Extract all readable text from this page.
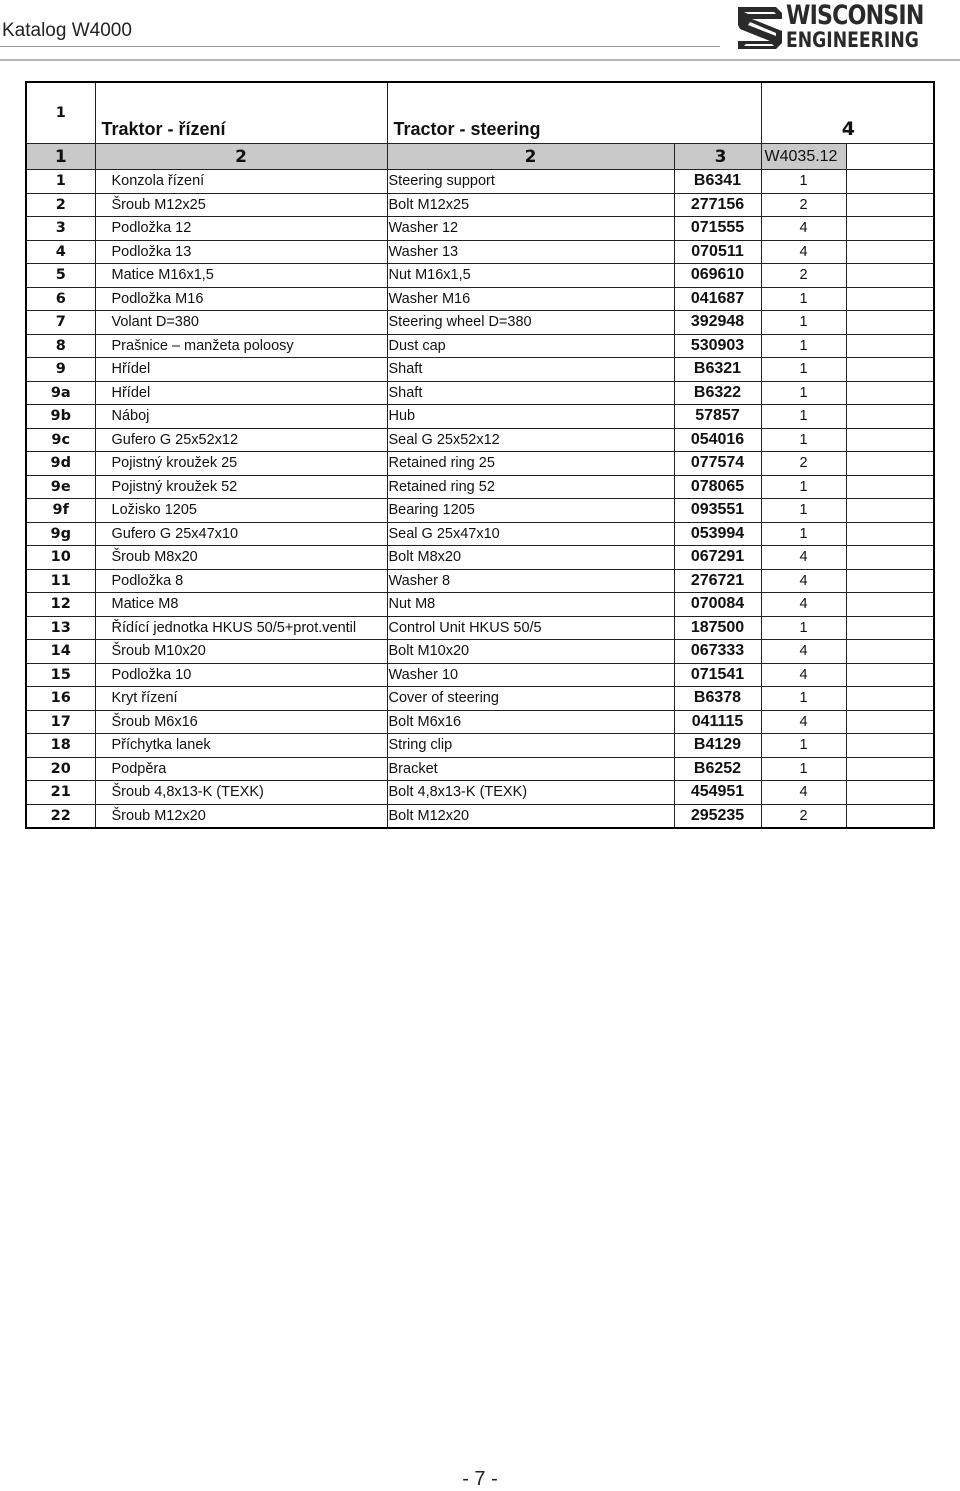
Katalog W4000	WISCONSIN
ENGINEERING
1	Traktor - řízení	Tractor - steering		4	
1	2	2	3	W4035.12	
1	Konzola řízení	Steering support	B6341	1	
2	Šroub M12x25	Bolt M12x25	277156	2	
3	Podložka 12	Washer 12	071555	4	
4	Podložka 13	Washer 13	070511	4	
5	Matice M16x1,5	Nut M16x1,5	069610	2	
6	Podložka M16	Washer M16	041687	1	
7	Volant D=380	Steering wheel D=380	392948	1	
8	Prašnice – manžeta poloosy	Dust cap	530903	1	
9	Hřídel	Shaft	B6321	1	
9a	Hřídel	Shaft	B6322	1	
9b	Náboj	Hub	57857	1	
9c	Gufero G 25x52x12	Seal G 25x52x12	054016	1	
9d	Pojistný kroužek 25	Retained ring 25	077574	2	
9e	Pojistný kroužek 52	Retained ring 52	078065	1	
9f	Ložisko 1205	Bearing 1205	093551	1	
9g	Gufero G 25x47x10	Seal G 25x47x10	053994	1	
10	Šroub M8x20	Bolt M8x20	067291	4	
11	Podložka 8	Washer 8	276721	4	
12	Matice M8	Nut M8	070084	4	
13	Řídící jednotka HKUS 50/5+prot.ventil	Control Unit HKUS 50/5	187500	1	
14	Šroub M10x20	Bolt M10x20	067333	4	
15	Podložka 10	Washer 10	071541	4	
16	Kryt řízení	Cover of steering	B6378	1	
17	Šroub M6x16	Bolt M6x16	041115	4	
18	Příchytka lanek	String clip	B4129	1	
20	Podpěra	Bracket	B6252	1	
21	Šroub 4,8x13-K (TEXK)	Bolt 4,8x13-K (TEXK)	454951	4	
22	Šroub M12x20	Bolt M12x20	295235	2	
- 7 -
